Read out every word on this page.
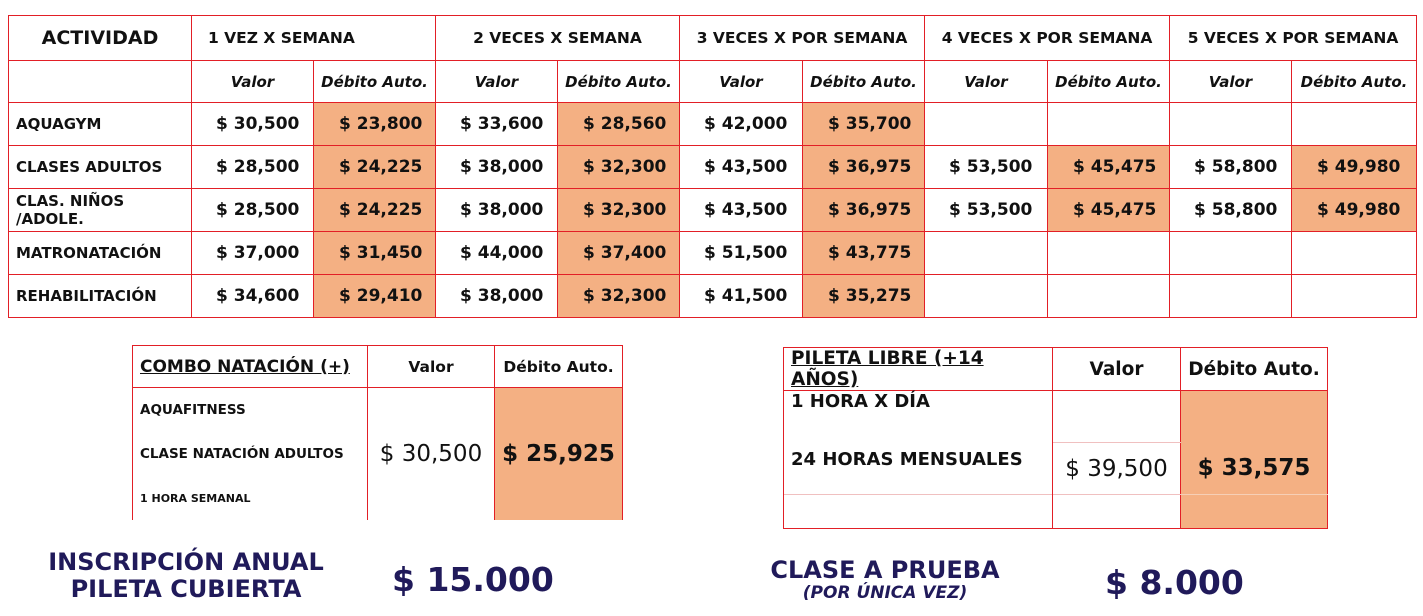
ACTIVIDAD	1 VEZ X SEMANA		2 VECES X SEMANA		3 VECES X POR SEMANA		4 VECES X POR SEMANA		5 VECES X POR SEMANA	
	Valor	Débito Auto.	Valor	Débito Auto.	Valor	Débito Auto.	Valor	Débito Auto.	Valor	Débito Auto.
AQUAGYM	$ 30,500	$ 23,800	$ 33,600	$ 28,560	$ 42,000	$ 35,700				
CLASES ADULTOS	$ 28,500	$ 24,225	$ 38,000	$ 32,300	$ 43,500	$ 36,975	$ 53,500	$ 45,475	$ 58,800	$ 49,980
CLAS. NIÑOS /ADOLE.	$ 28,500	$ 24,225	$ 38,000	$ 32,300	$ 43,500	$ 36,975	$ 53,500	$ 45,475	$ 58,800	$ 49,980
MATRONATACIÓN	$ 37,000	$ 31,450	$ 44,000	$ 37,400	$ 51,500	$ 43,775				
REHABILITACIÓN	$ 34,600	$ 29,410	$ 38,000	$ 32,300	$ 41,500	$ 35,275				
COMBO NATACIÓN (+)	Valor	Débito Auto.
AQUAFITNESS		
CLASE NATACIÓN ADULTOS	$ 30,500	$ 25,925
1 HORA SEMANAL		
PILETA LIBRE (+14 AÑOS)	Valor	Débito Auto.
1 HORA X DÍA		
24 HORAS MENSUALES	$ 39,500	$ 33,575

INSCRIPCIÓN ANUAL
PILETA CUBIERTA	$ 15.000	CLASE A PRUEBA
(POR ÚNICA VEZ)	$ 8.000
